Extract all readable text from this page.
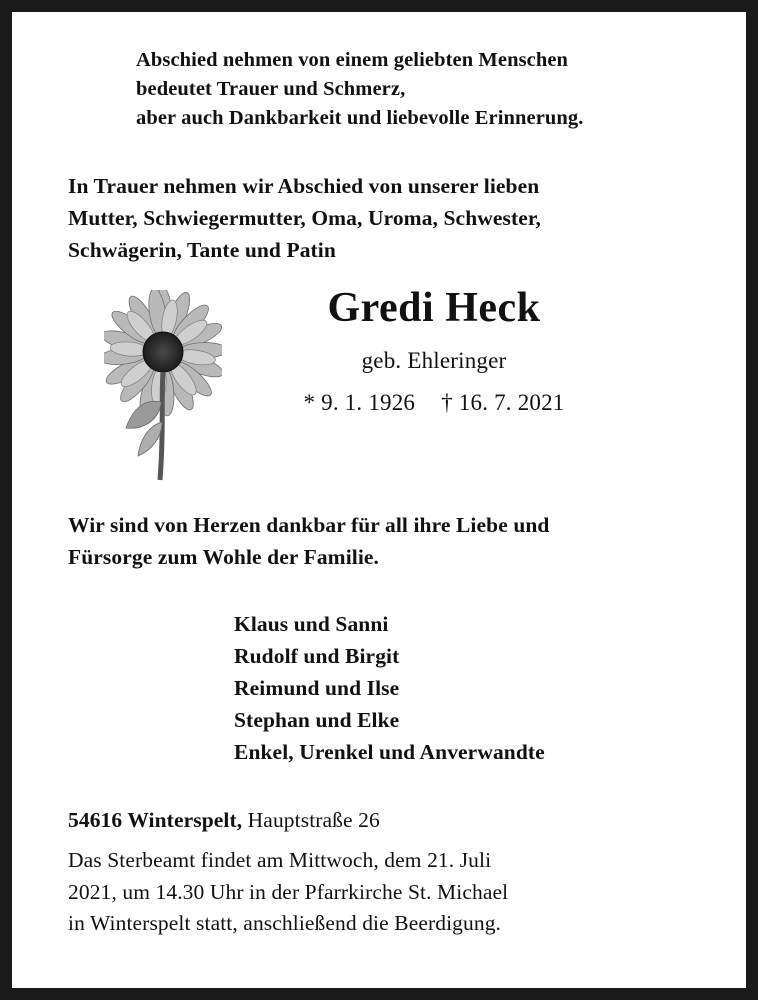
Abschied nehmen von einem geliebten Menschen
bedeutet Trauer und Schmerz,
aber auch Dankbarkeit und liebevolle Erinnerung.
In Trauer nehmen wir Abschied von unserer lieben
Mutter, Schwiegermutter, Oma, Uroma, Schwester,
Schwägerin, Tante und Patin
Gredi Heck
geb. Ehleringer
* 9. 1. 1926 † 16. 7. 2021
Wir sind von Herzen dankbar für all ihre Liebe und
Fürsorge zum Wohle der Familie.
Klaus und Sanni
Rudolf und Birgit
Reimund und Ilse
Stephan und Elke
Enkel, Urenkel und Anverwandte
54616 Winterspelt, Hauptstraße 26
Das Sterbeamt findet am Mittwoch, dem 21. Juli
2021, um 14.30 Uhr in der Pfarrkirche St. Michael
in Winterspelt statt, anschließend die Beerdigung.
